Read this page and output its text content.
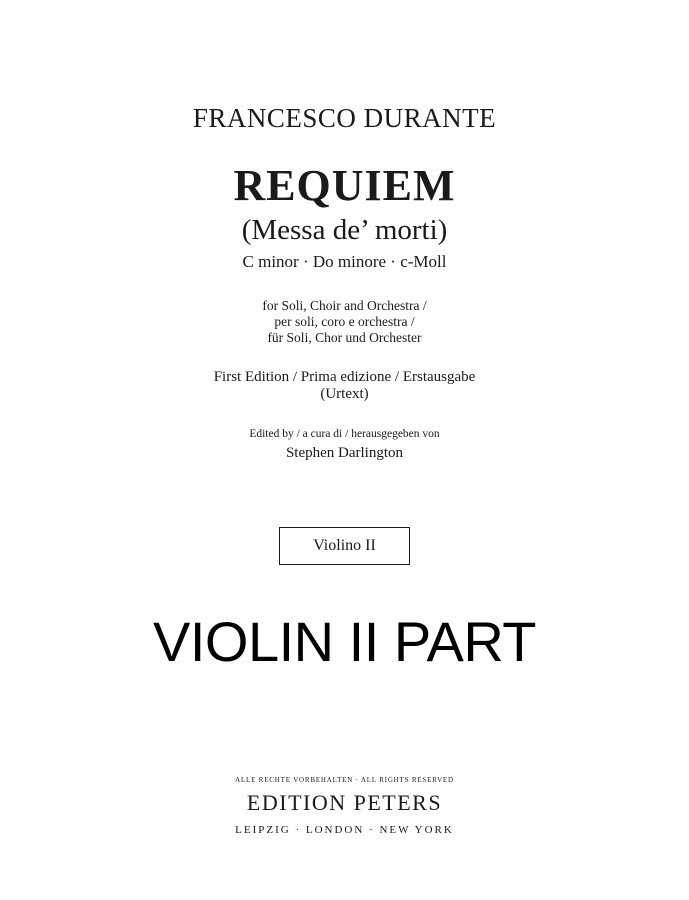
FRANCESCO DURANTE
REQUIEM
(Messa de’ morti)
C minor · Do minore · c-Moll
for Soli, Choir and Orchestra /
per soli, coro e orchestra /
für Soli, Chor und Orchester
First Edition / Prima edizione / Erstausgabe
(Urtext)
Edited by / a cura di / herausgegeben von
Stephen Darlington
Violino II
VIOLIN II PART
ALLE RECHTE VORBEHALTEN · ALL RIGHTS RESERVED
EDITION PETERS
LEIPZIG · LONDON · NEW YORK
